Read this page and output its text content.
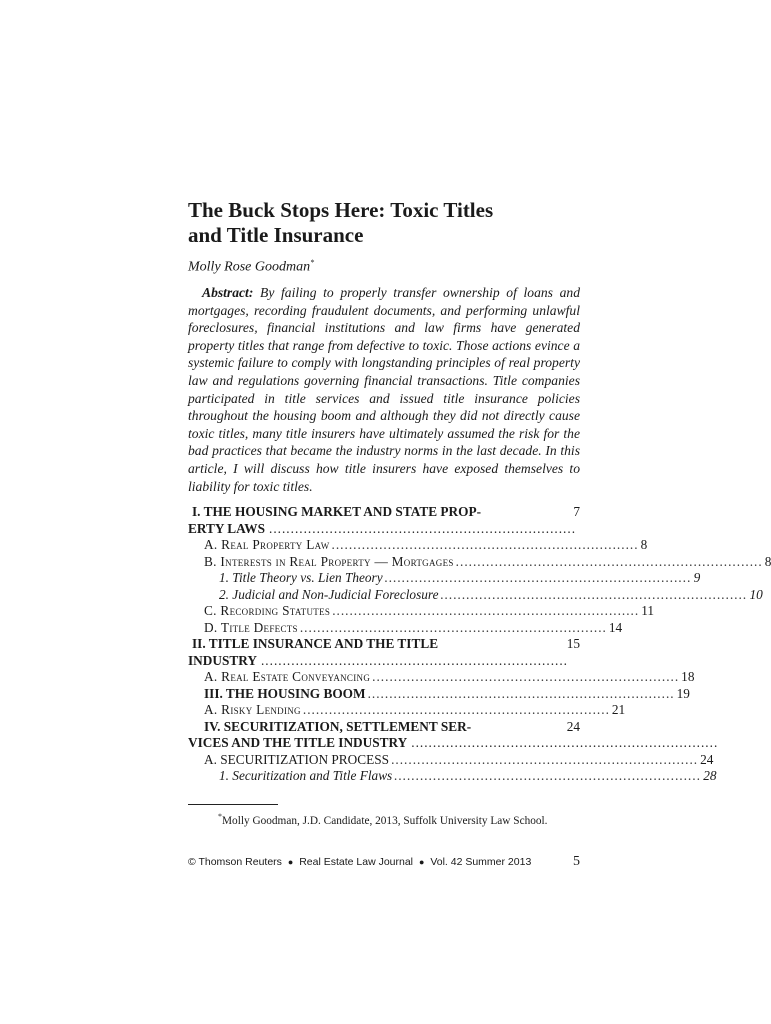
The Buck Stops Here: Toxic Titles
and Title Insurance
Molly Rose Goodman*
Abstract: By failing to properly transfer ownership of loans and mortgages, recording fraudulent documents, and performing unlawful foreclosures, financial institutions and law firms have generated property titles that range from defective to toxic. Those actions evince a systemic failure to comply with longstanding principles of real property law and regulations governing financial transactions. Title companies participated in title services and issued title insurance policies throughout the housing boom and although they did not directly cause toxic titles, many title insurers have ultimately assumed the risk for the bad practices that became the industry norms in the last decade. In this article, I will discuss how title insurers have exposed themselves to liability for toxic titles.
I. THE HOUSING MARKET AND STATE PROP-	7
ERTY LAWS .......................................................................
A. Real Property Law ....................................................................... 8
B. Interests in Real Property — Mortgages ....................................................................... 8
1. Title Theory vs. Lien Theory ....................................................................... 9
2. Judicial and Non-Judicial Foreclosure ....................................................................... 10
C. Recording Statutes ....................................................................... 11
D. Title Defects ....................................................................... 14
II. TITLE INSURANCE AND THE TITLE	15
INDUSTRY .......................................................................
A. Real Estate Conveyancing ....................................................................... 18
III. THE HOUSING BOOM ....................................................................... 19
A. Risky Lending ....................................................................... 21
IV. SECURITIZATION, SETTLEMENT SER-	24
VICES AND THE TITLE INDUSTRY .......................................................................
A. SECURITIZATION PROCESS ....................................................................... 24
1. Securitization and Title Flaws ....................................................................... 28
*Molly Goodman, J.D. Candidate, 2013, Suffolk University Law School.
© Thomson Reuters ● Real Estate Law Journal ● Vol. 42 Summer 2013	5
